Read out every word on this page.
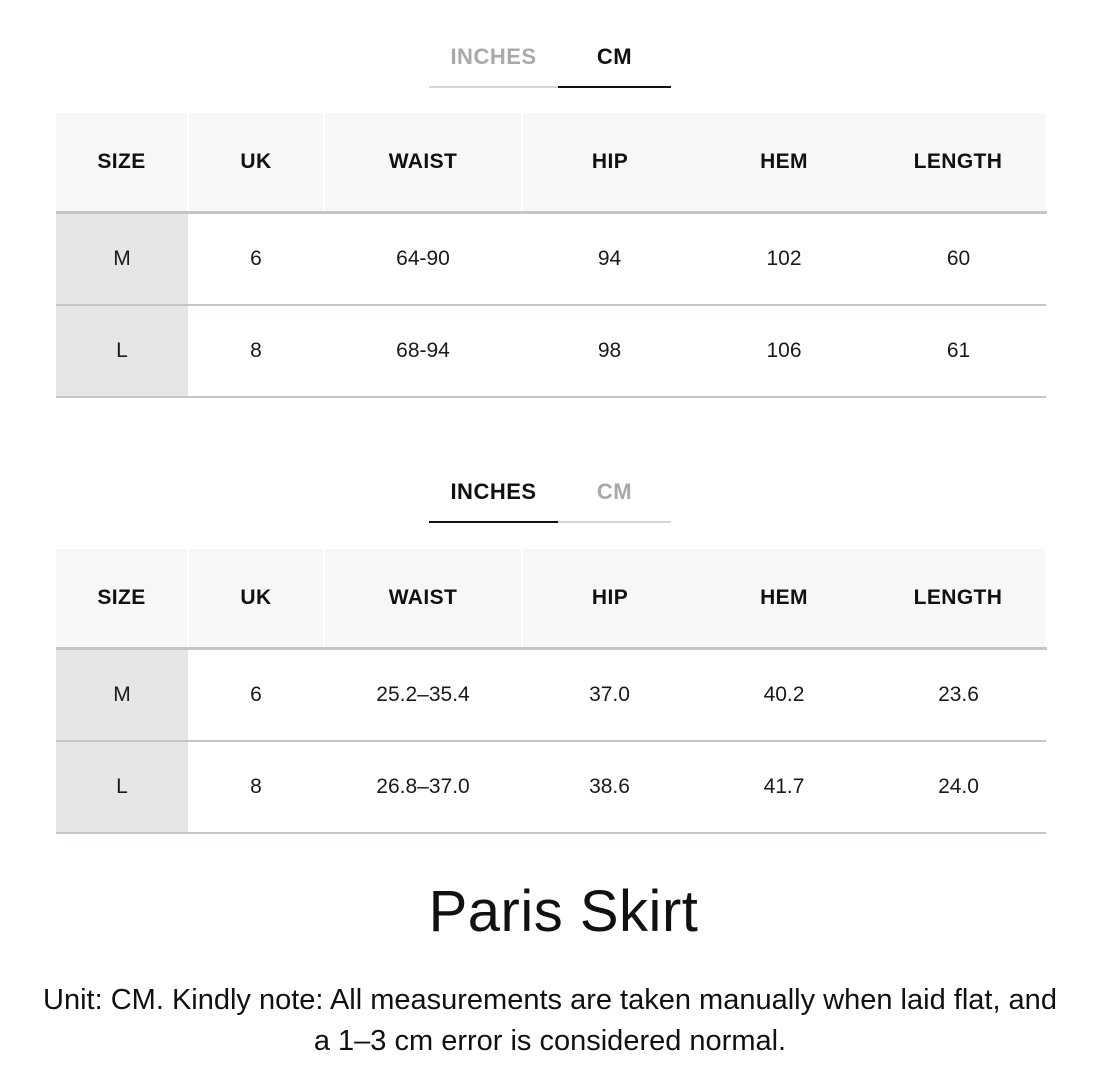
INCHES	CM
SIZE	UK	WAIST	HIP	HEM	LENGTH
M	6	64-90	94	102	60
L	8	68-94	98	106	61
INCHES	CM
SIZE	UK	WAIST	HIP	HEM	LENGTH
M	6	25.2–35.4	37.0	40.2	23.6
L	8	26.8–37.0	38.6	41.7	24.0
Paris Skirt
Unit: CM. Kindly note: All measurements are taken manually when laid flat, and a 1–3 cm error is considered normal.
